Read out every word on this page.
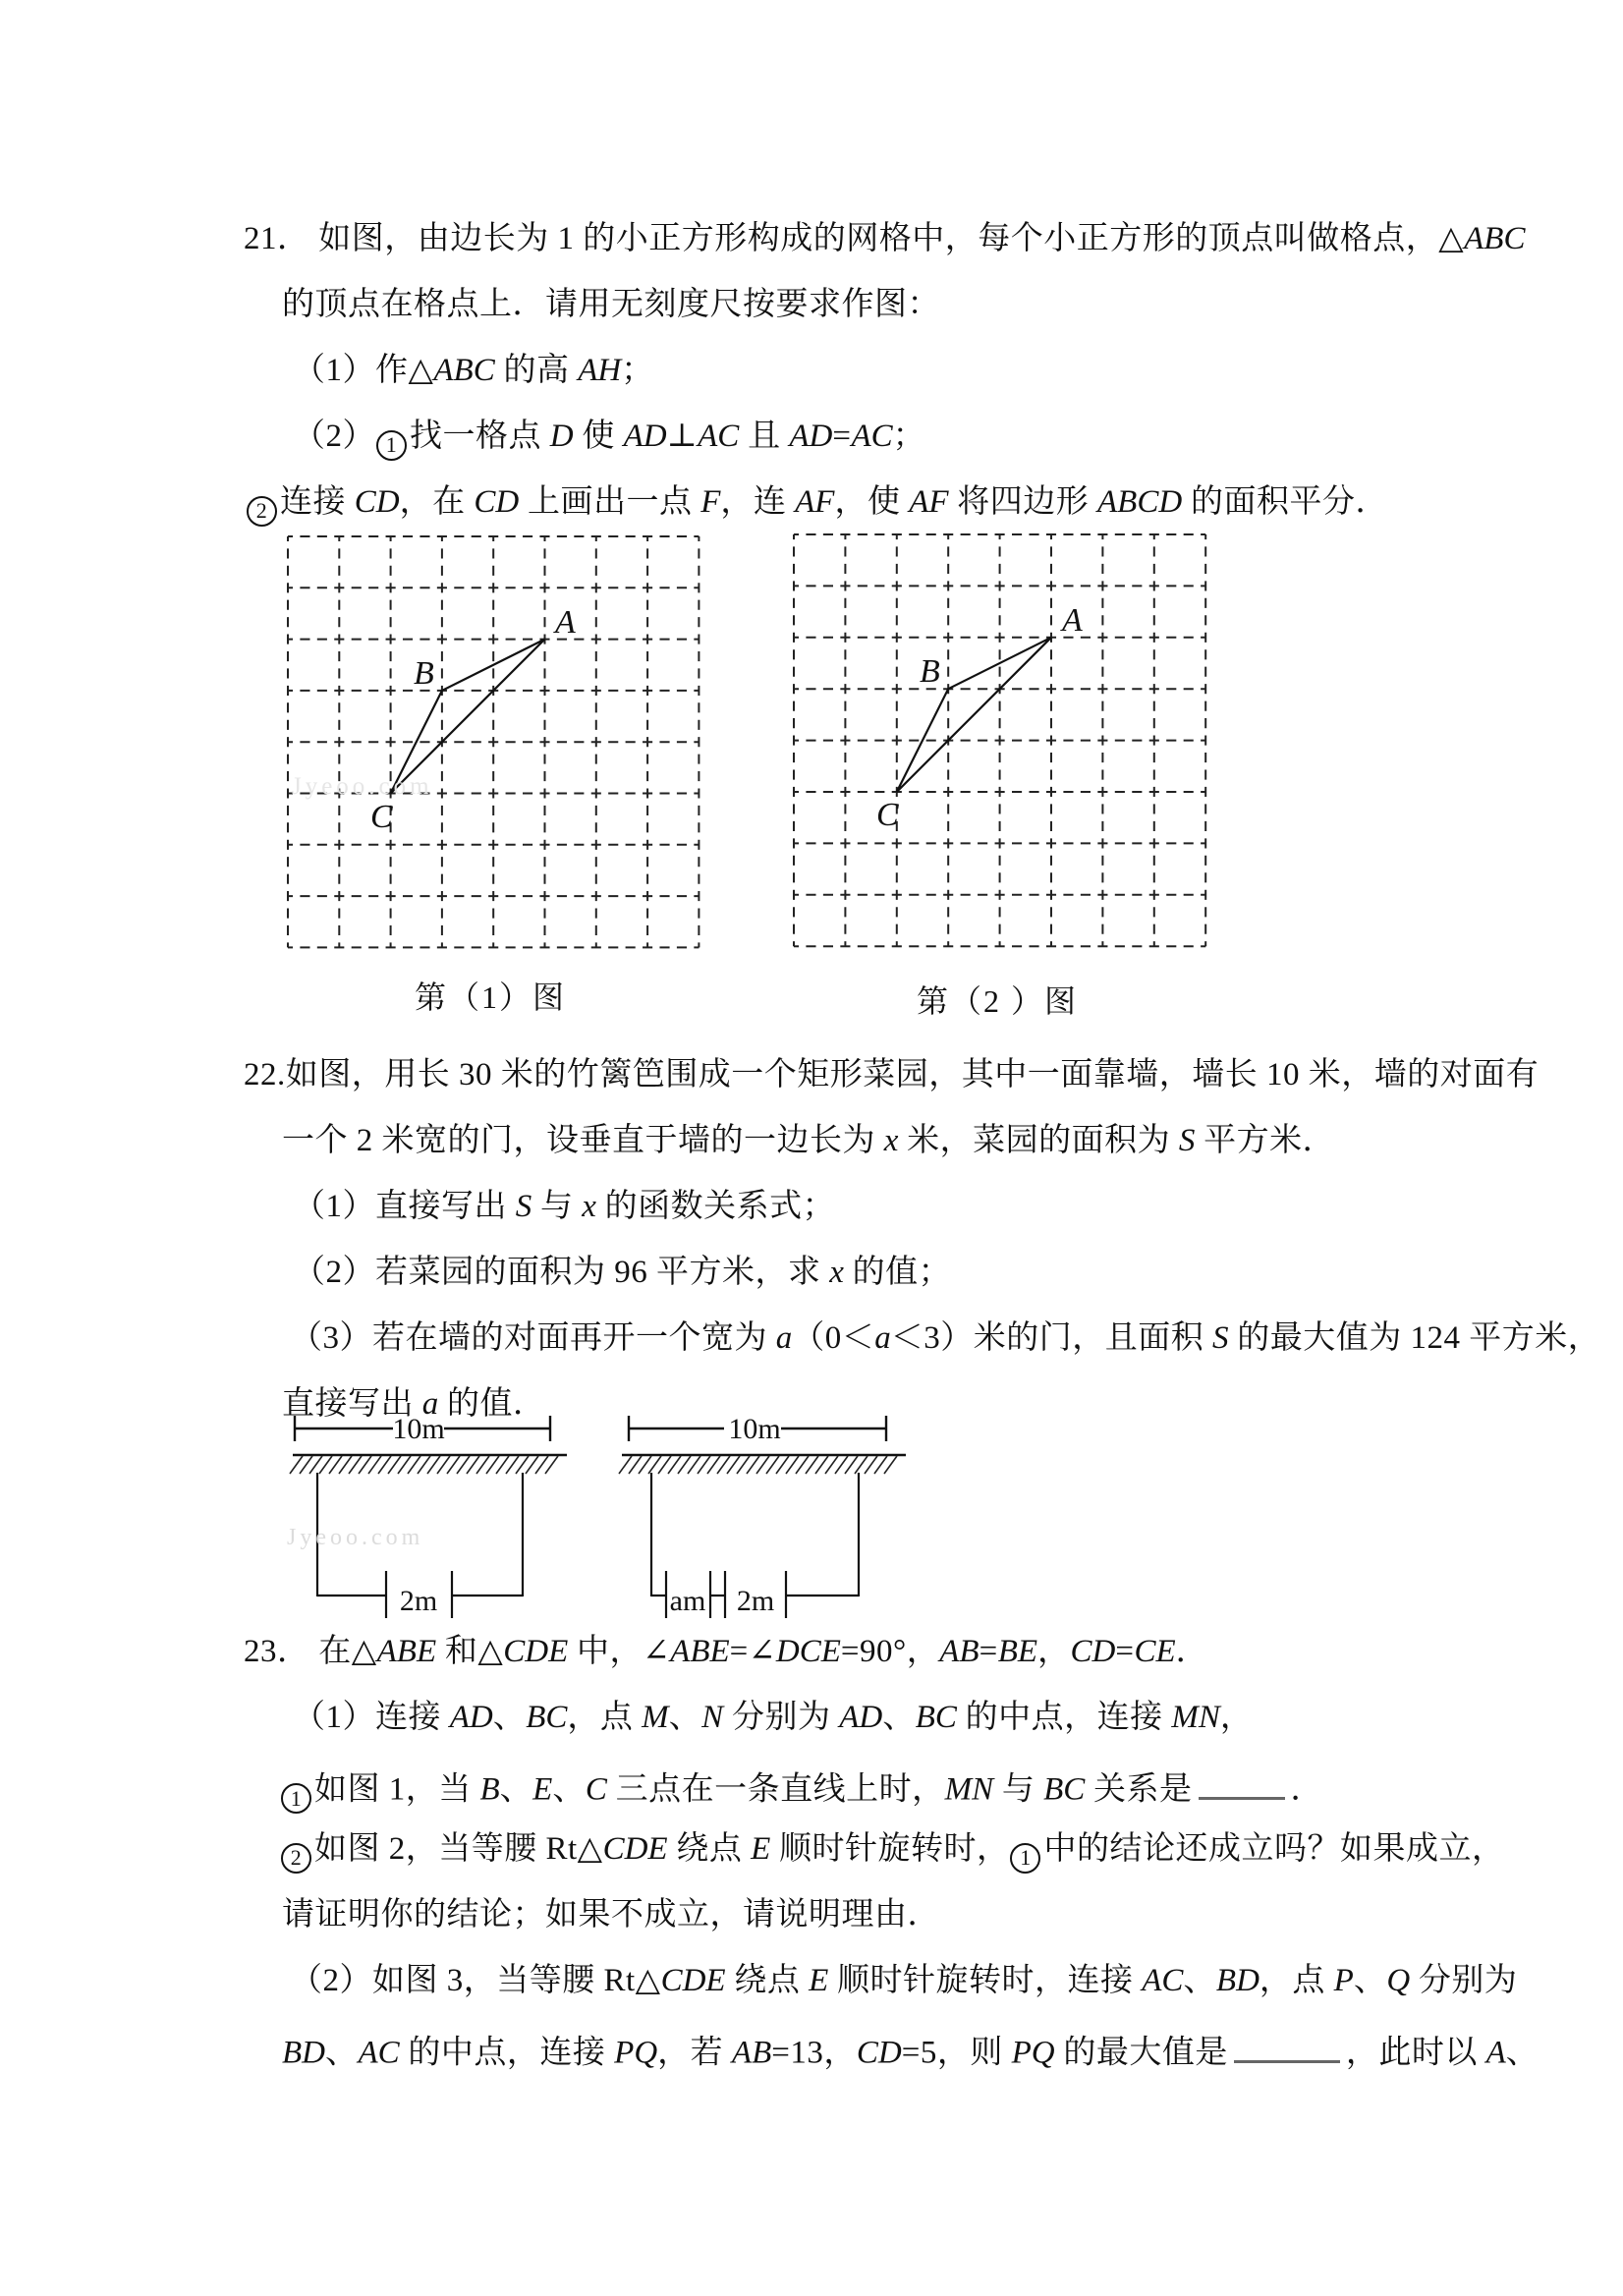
21． 如图，由边长为 1 的小正方形构成的网格中，每个小正方形的顶点叫做格点，△ABC
的顶点在格点上．请用无刻度尺按要求作图：
（1）作△ABC 的高 AH；
（2） 1 找一格点 D 使 AD⊥AC 且 AD=AC；
2 连接 CD，在 CD 上画出一点 F，连 AF，使 AF 将四边形 ABCD 的面积平分．
22.如图，用长 30 米的竹篱笆围成一个矩形菜园，其中一面靠墙，墙长 10 米，墙的对面有
一个 2 米宽的门，设垂直于墙的一边长为 x 米，菜园的面积为 S 平方米．
（1）直接写出 S 与 x 的函数关系式；
（2）若菜园的面积为 96 平方米，求 x 的值；
（3）若在墙的对面再开一个宽为 a（0＜a＜3）米的门，且面积 S 的最大值为 124 平方米，
直接写出 a 的值．
23． 在△ABE 和△CDE 中，∠ABE=∠DCE=90°，AB=BE，CD=CE．
（1）连接 AD、BC，点 M、N 分别为 AD、BC 的中点，连接 MN，
1 如图 1，当 B、E、C 三点在一条直线上时，MN 与 BC 关系是	．
2 如图 2，当等腰 Rt△CDE 绕点 E 顺时针旋转时， 1 中的结论还成立吗？如果成立，
请证明你的结论；如果不成立，请说明理由．
（2）如图 3，当等腰 Rt△CDE 绕点 E 顺时针旋转时，连接 AC、BD，点 P、Q 分别为
BD、AC 的中点，连接 PQ，若 AB=13，CD=5，则 PQ 的最大值是	，此时以 A、
A
B
C
Jyeoo.com
A
B
C
第（1）图	第（2 ）图
10m
2m
Jyeoo.com
10m
am 2m
